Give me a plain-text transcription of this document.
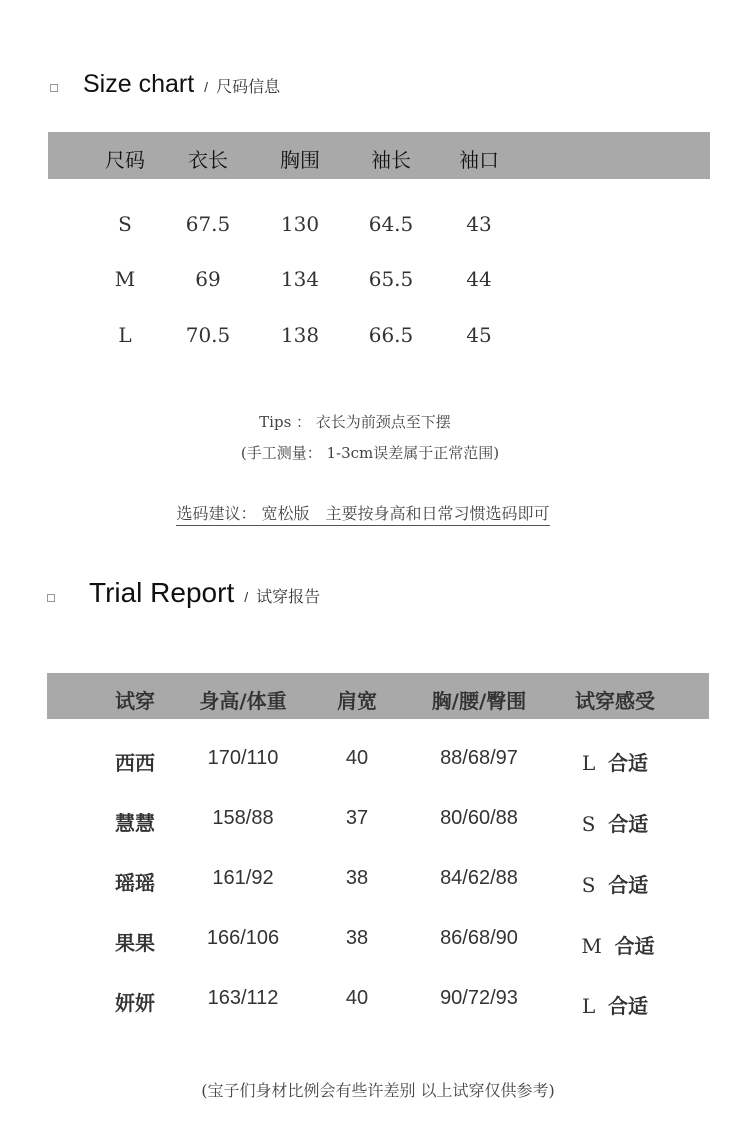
Size chart / 尺码信息
尺码	衣长	胸围	袖长	袖口
S	67.5	130	64.5	43
M	69	134	65.5	44
L	70.5	138	66.5	45
Tips ： 衣长为前颈点至下摆
(手工测量： 1-3cm误差属于正常范围)
选码建议： 宽松版　主要按身高和日常习惯选码即可
Trial Report / 试穿报告
试穿	身高/体重	肩宽	胸/腰/臀围	试穿感受
西西	170/110	40	88/68/97	L 合适
慧慧	158/88	37	80/60/88	S 合适
瑶瑶	161/92	38	84/62/88	S 合适
果果	166/106	38	86/68/90	M 合适
妍妍	163/112	40	90/72/93	L 合适
(宝子们身材比例会有些许差别 以上试穿仅供参考)
